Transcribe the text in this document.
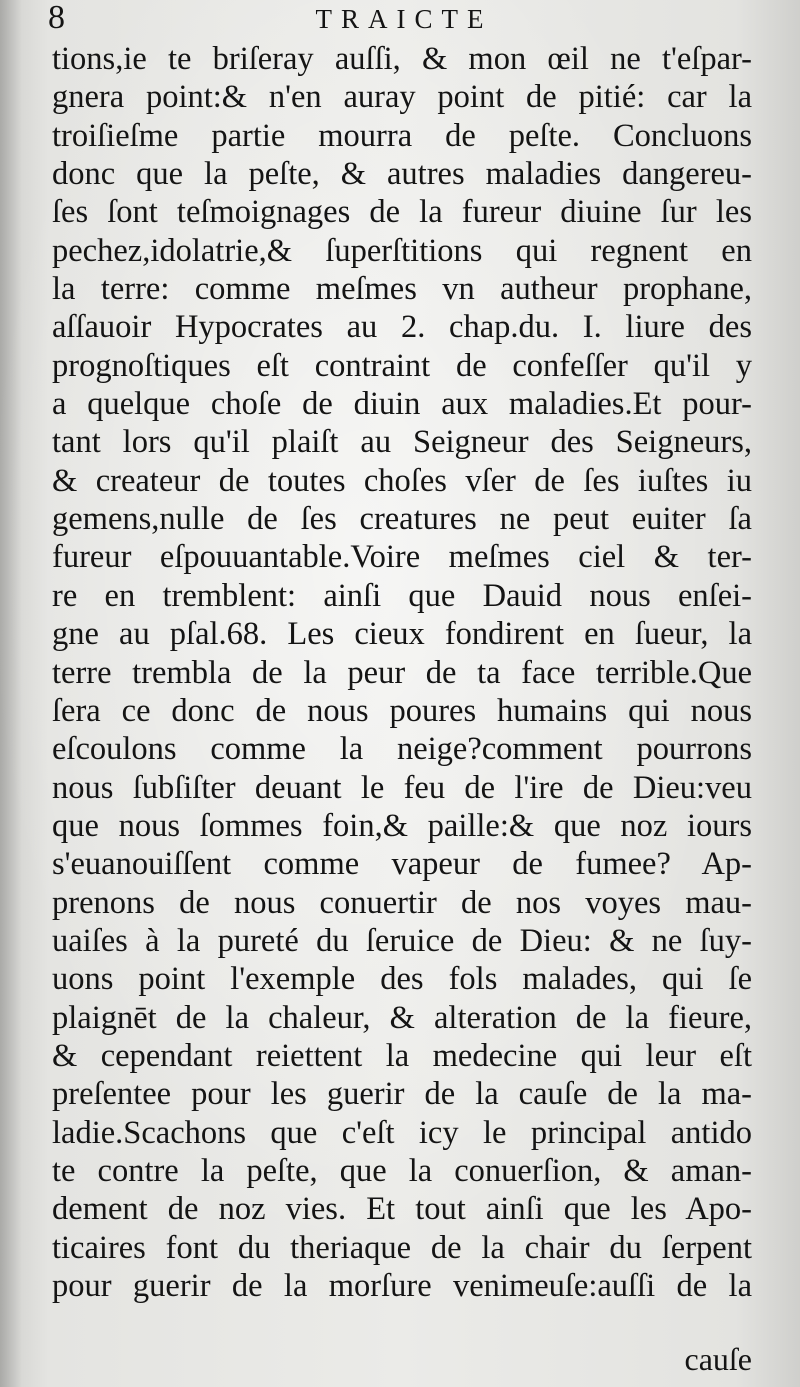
8	TRAICTE
tions,ie te briſeray auſſi, & mon œil ne t'eſpar-
gnera point:& n'en auray point de pitié: car la
troiſieſme partie mourra de peſte. Concluons
donc que la peſte, & autres maladies dangereu-
ſes ſont teſmoignages de la fureur diuine ſur les
pechez,idolatrie,& ſuperſtitions qui regnent en
la terre: comme meſmes vn autheur prophane,
aſſauoir Hypocrates au 2. chap.du. I. liure des
prognoſtiques eſt contraint de confeſſer qu'il y
a quelque choſe de diuin aux maladies.Et pour-
tant lors qu'il plaiſt au Seigneur des Seigneurs,
& createur de toutes choſes vſer de ſes iuſtes iu
gemens,nulle de ſes creatures ne peut euiter ſa
fureur eſpouuantable.Voire meſmes ciel & ter-
re en tremblent: ainſi que Dauid nous enſei-
gne au pſal.68. Les cieux fondirent en ſueur, la
terre trembla de la peur de ta face terrible.Que
ſera ce donc de nous poures humains qui nous
eſcoulons comme la neige?comment pourrons
nous ſubſiſter deuant le feu de l'ire de Dieu:veu
que nous ſommes foin,& paille:& que noz iours
s'euanouiſſent comme vapeur de fumee? Ap-
prenons de nous conuertir de nos voyes mau-
uaiſes à la pureté du ſeruice de Dieu: & ne ſuy-
uons point l'exemple des fols malades, qui ſe
plaignēt de la chaleur, & alteration de la fieure,
& cependant reiettent la medecine qui leur eſt
preſentee pour les guerir de la cauſe de la ma-
ladie.Scachons que c'eſt icy le principal antido
te contre la peſte, que la conuerſion, & aman-
dement de noz vies. Et tout ainſi que les Apo-
ticaires font du theriaque de la chair du ſerpent
pour guerir de la morſure venimeuſe:auſſi de la
cauſe
